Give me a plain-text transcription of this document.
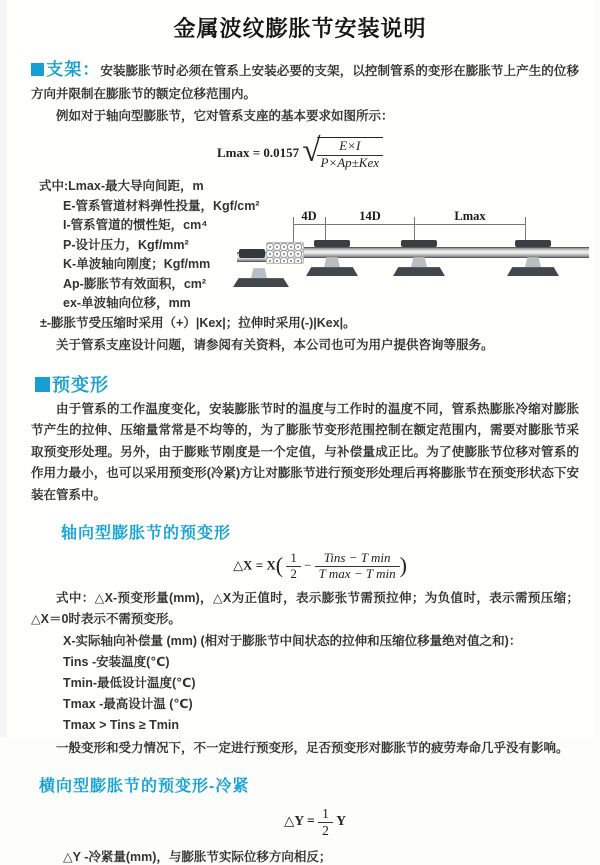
金属波纹膨胀节安装说明

支架：安装膨胀节时必须在管系上安装必要的支架，以控制管系的变形在膨胀节上产生的位移方向并限制在膨胀节的额定位移范围内。

例如对于轴向型膨胀节，它对管系支座的基本要求如图所示：

Lmax = 0.0157 √
$\frac{E\times I}{\text{P×Ap±Kex}}$
式中:Lmax-最大导向间距，m
E-管系管道材料弹性投量，Kgf/cm²
I-管系管道的惯性矩，cm⁴
P-设计压力，Kgf/mm²
K-单波轴向刚度；Kgf/mm
Ap-膨胀节有效面积，cm²
ex-单波轴向位移，mm
±-膨胀节受压缩时采用（+）|Kex|；拉伸时采用(-)|Kex|。
4D	14D	Lmax

关于管系支座设计问题，请参阅有关资料，本公司也可为用户提供咨询等服务。

预变形

由于管系的工作温度变化，安装膨胀节时的温度与工作时的温度不同，管系热膨胀冷缩对膨胀节产生的拉伸、压缩量常常是不均等的，为了膨胀节变形范围控制在额定范围内，需要对膨胀节采取预变形处理。另外，由于膨账节刚度是一个定值，与补偿量成正比。为了使膨胀节位移对管系的作用力最小，也可以采用预变形(冷紧)方让对膨胀节进行预变形处理后再将膨胀节在预变形状态下安装在管系中。

轴向型膨胀节的预变形
△X = $X( \frac{1}{2} - \frac{\text{Tins − T min}}{\text{T max − T min}}$ )

式中：△X-预变形量(mm)，△X为正值时，表示膨张节需预拉伸；为负值时，表示需预压缩；△X＝0时表示不需预变形。

X-实际轴向补偿量 (mm) (相对于膨胀节中间状态的拉伸和压缩位移量绝对值之和)：
Tins -安装温度(℃)
Tmin-最低设计温度(℃)
Tmax -最高设计温 (℃)
Tmax > Tins ≥ Tmin

一般变形和受力情况下，不一定进行预变形，足否预变形对膨胀节的疲劳寿命几乎没有影响。

横向型膨胀节的预变形-冷紧
△Y = $\frac{1}{2}$ Y
△Y -冷紧量(mm)，与膨胀节实际位移方向相反；
